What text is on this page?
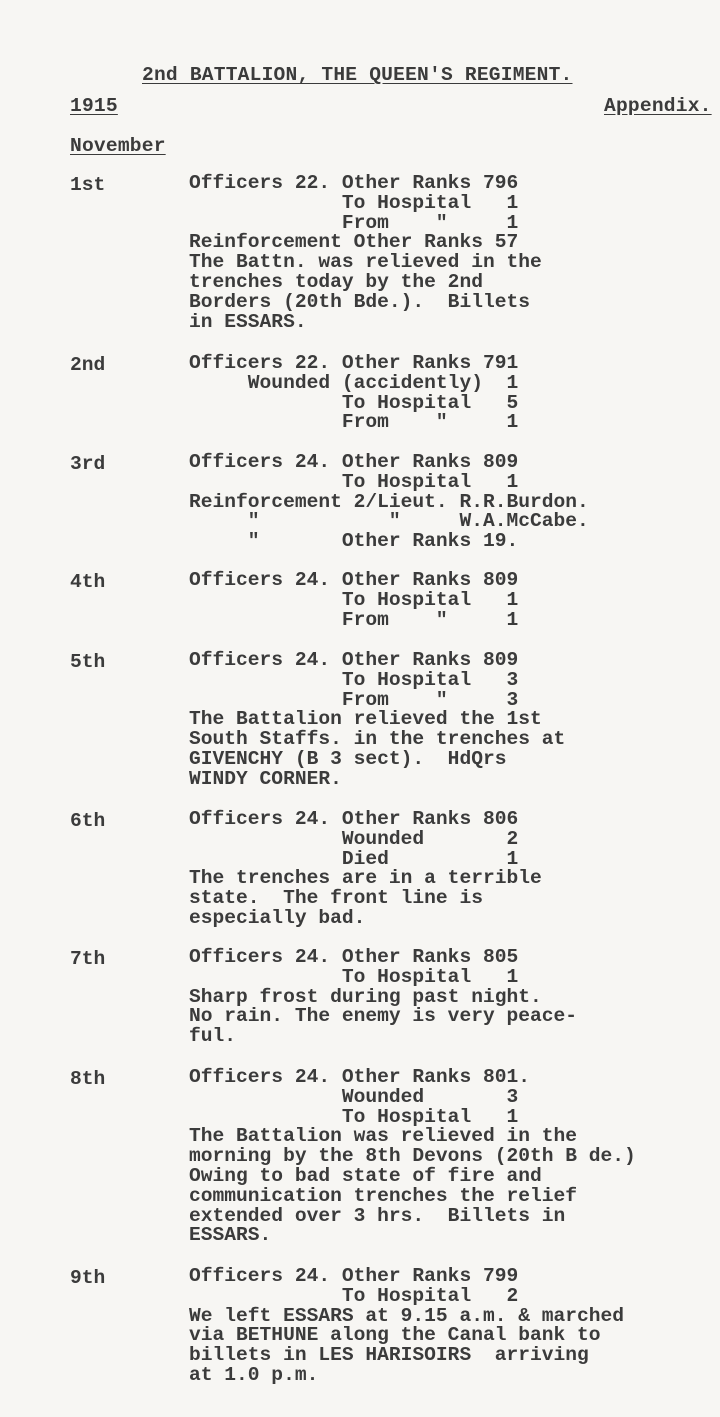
2nd BATTALION, THE QUEEN'S REGIMENT.
1915	Appendix.
November
1st	Officers 22. Other Ranks 796
To Hospital   1
From    "     1
Reinforcement Other Ranks 57
The Battn. was relieved in the
trenches today by the 2nd
Borders (20th Bde.).  Billets
in ESSARS.
2nd	Officers 22. Other Ranks 791
Wounded (accidently)  1
To Hospital   5
From    "     1
3rd	Officers 24. Other Ranks 809
To Hospital   1
Reinforcement 2/Lieut. R.R.Burdon.
"           "     W.A.McCabe.
"       Other Ranks 19.
4th	Officers 24. Other Ranks 809
To Hospital   1
From    "     1
5th	Officers 24. Other Ranks 809
To Hospital   3
From    "     3
The Battalion relieved the 1st
South Staffs. in the trenches at
GIVENCHY (B 3 sect).  HdQrs
WINDY CORNER.
6th	Officers 24. Other Ranks 806
Wounded       2
Died          1
The trenches are in a terrible
state.  The front line is
especially bad.
7th	Officers 24. Other Ranks 805
To Hospital   1
Sharp frost during past night.
No rain. The enemy is very peace-
ful.
8th	Officers 24. Other Ranks 801.
Wounded       3
To Hospital   1
The Battalion was relieved in the
morning by the 8th Devons (20th B de.)
Owing to bad state of fire and
communication trenches the relief
extended over 3 hrs.  Billets in
ESSARS.
9th	Officers 24. Other Ranks 799
To Hospital   2
We left ESSARS at 9.15 a.m. & marched
via BETHUNE along the Canal bank to
billets in LES HARISOIRS  arriving
at 1.0 p.m.
